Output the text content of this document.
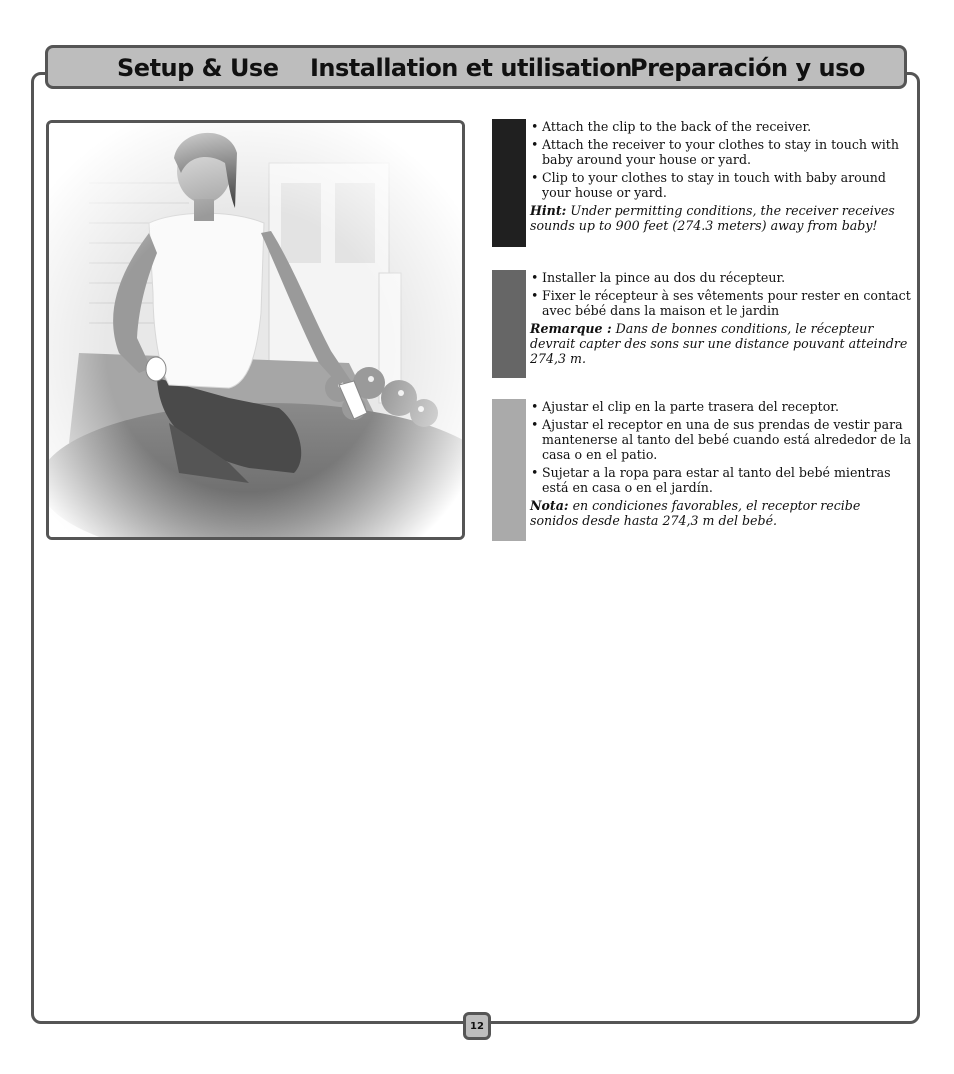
Setup & Use Installation et utilisation
Preparación y uso
• Attach the clip to the back of the receiver.
• Attach the receiver to your clothes to stay in touch with baby around your house or yard.
• Clip to your clothes to stay in touch with baby around your house or yard.

Hint: Under permitting conditions, the receiver receives sounds up to 900 feet (274.3 meters) away from baby!

• Installer la pince au dos du récepteur.
• Fixer le récepteur à ses vêtements pour rester en contact avec bébé dans la maison et le jardin

Remarque : Dans de bonnes conditions, le récepteur devrait capter des sons sur une distance pouvant atteindre 274,3 m.

• Ajustar el clip en la parte trasera del receptor.
• Ajustar el receptor en una de sus prendas de vestir para mantenerse al tanto del bebé cuando está alrededor de la casa o en el patio.
• Sujetar a la ropa para estar al tanto del bebé mientras está en casa o en el jardín.

Nota: en condiciones favorables, el receptor recibe sonidos desde hasta 274,3 m del bebé.

12
